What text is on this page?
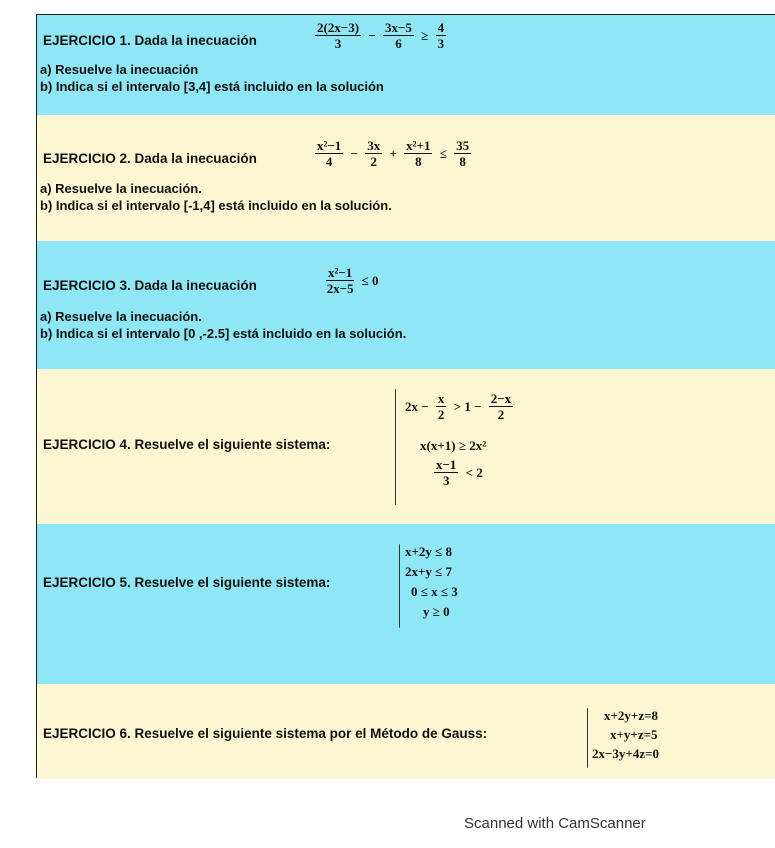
EJERCICIO 1. Dada la inecuación	$\frac{2(2x-3)}{3} - \frac{3x-5}{6} \ge \frac{4}{3}$
a) Resuelve la inecuación
b) Indica si el intervalo [3,4] está incluido en la solución
EJERCICIO 2. Dada la inecuación	$\frac{\text{x²−1}}{4} - \frac{3x}{2} + \frac{\text{x²+1}}{8} \le \frac{35}{8}$
a) Resuelve la inecuación.
b) Indica si el intervalo [-1,4] está incluido en la solución.
EJERCICIO 3. Dada la inecuación	$\frac{\text{x²−1}}{2x-5} \le 0$
a) Resuelve la inecuación.
b) Indica si el intervalo [0 ,-2.5] está incluido en la solución.
EJERCICIO 4. Resuelve el siguiente sistema:
$2x - \frac{x}{2} > 1 - \frac{2-x}{2}$
x(x+1) ≥ 2x²
$\frac{x-1}{3} < 2$
EJERCICIO 5. Resuelve el siguiente sistema:
x+2y ≤ 8
2x+y ≤ 7
0 ≤ x ≤ 3
y ≥ 0
EJERCICIO 6. Resuelve el siguiente sistema por el Método de Gauss:
x+2y+z=8
x+y+z=5
2x−3y+4z=0
Scanned with CamScanner
